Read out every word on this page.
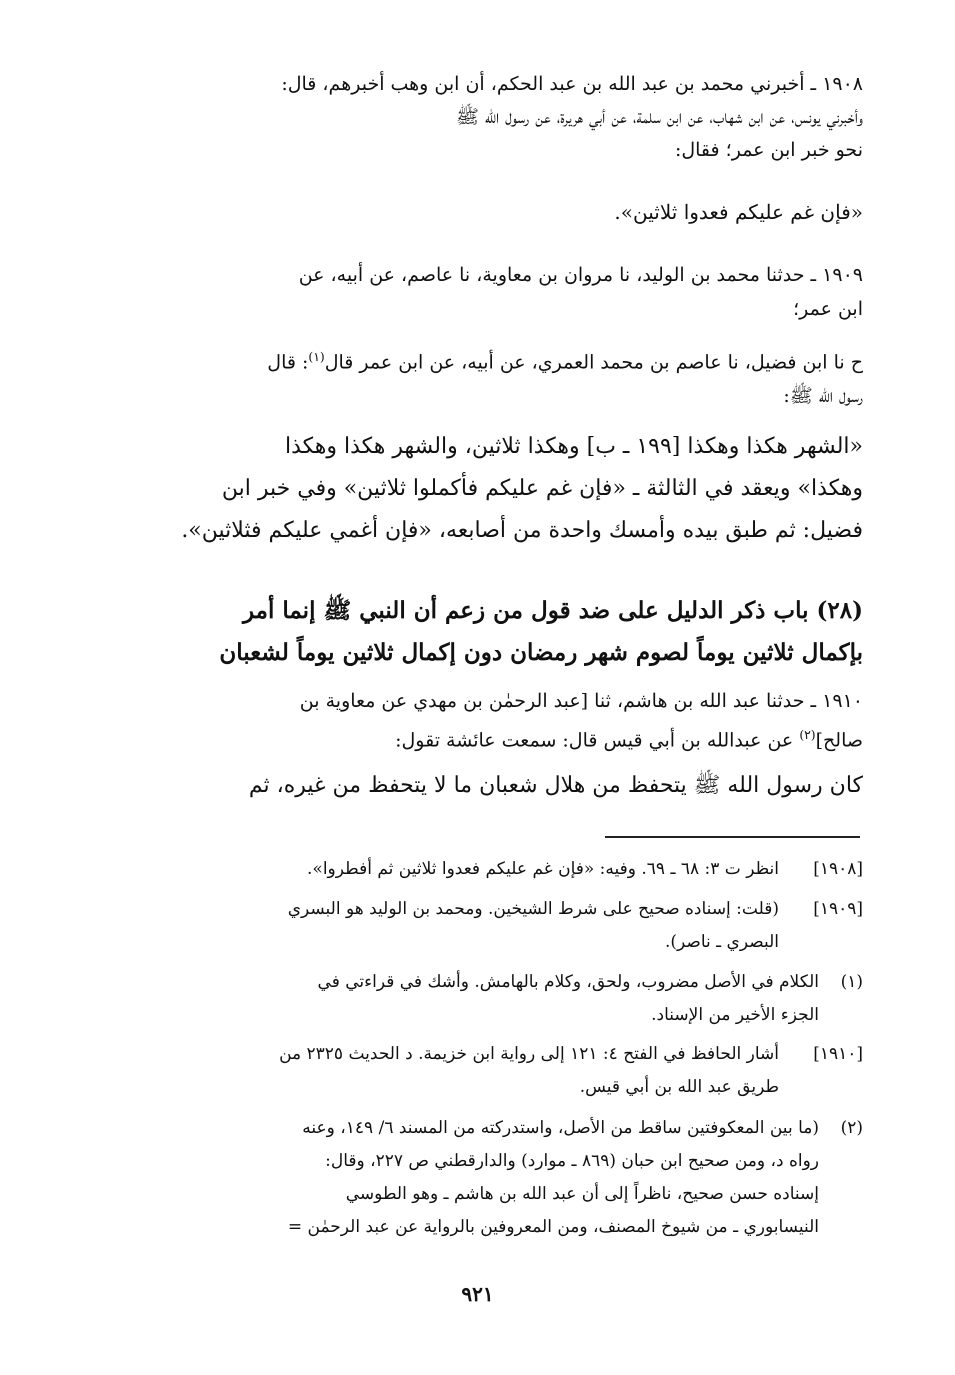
١٩٠٨ ـ أخبرني محمد بن عبد الله بن عبد الحكم، أن ابن وهب أخبرهم، قال:
وأخبرني يونس، عن ابن شهاب، عن ابن سلمة، عن أبي هريرة، عن رسول الله ﷺ
نحو خبر ابن عمر؛ فقال:
«فإن غم عليكم فعدوا ثلاثين».
١٩٠٩ ـ حدثنا محمد بن الوليد، نا مروان بن معاوية، نا عاصم، عن أبيه، عن
ابن عمر؛
ح نا ابن فضيل، نا عاصم بن محمد العمري، عن أبيه، عن ابن عمر قال$^{(١)}$: قال
رسول الله ﷺ:
«الشهر هكذا وهكذا [١٩٩ ـ ب] وهكذا ثلاثين، والشهر هكذا وهكذا
وهكذا» ويعقد في الثالثة ـ «فإن غم عليكم فأكملوا ثلاثين» وفي خبر ابن
فضيل: ثم طبق بيده وأمسك واحدة من أصابعه، «فإن أغمي عليكم فثلاثين».
(٢٨) باب ذكر الدليل على ضد قول من زعم أن النبي ﷺ إنما أمر
بإكمال ثلاثين يوماً لصوم شهر رمضان دون إكمال ثلاثين يوماً لشعبان
١٩١٠ ـ حدثنا عبد الله بن هاشم، ثنا [عبد الرحمٰن بن مهدي عن معاوية بن
صالح]$^{(٢)}$ عن عبدالله بن أبي قيس قال: سمعت عائشة تقول:
كان رسول الله ﷺ يتحفظ من هلال شعبان ما لا يتحفظ من غيره، ثم
[١٩٠٨]
انظر ت ٣: ٦٨ ـ ٦٩. وفيه: «فإن غم عليكم فعدوا ثلاثين ثم أفطروا».
[١٩٠٩]
(قلت: إسناده صحيح على شرط الشيخين. ومحمد بن الوليد هو البسري
البصري ـ ناصر).
(١)
الكلام في الأصل مضروب، ولحق، وكلام بالهامش. وأشك في قراءتي في
الجزء الأخير من الإسناد.
[١٩١٠]
أشار الحافظ في الفتح ٤: ١٢١ إلى رواية ابن خزيمة. د الحديث ٢٣٢٥ من
طريق عبد الله بن أبي قيس.
(٢)
(ما بين المعكوفتين ساقط من الأصل، واستدركته من المسند ٦/ ١٤٩، وعنه
رواه د، ومن صحيح ابن حبان (٨٦٩ ـ موارد) والدارقطني ص ٢٢٧، وقال:
إسناده حسن صحيح، ناظراً إلى أن عبد الله بن هاشم ـ وهو الطوسي
النيسابوري ـ من شيوخ المصنف، ومن المعروفين بالرواية عن عبد الرحمٰن =
٩٢١
